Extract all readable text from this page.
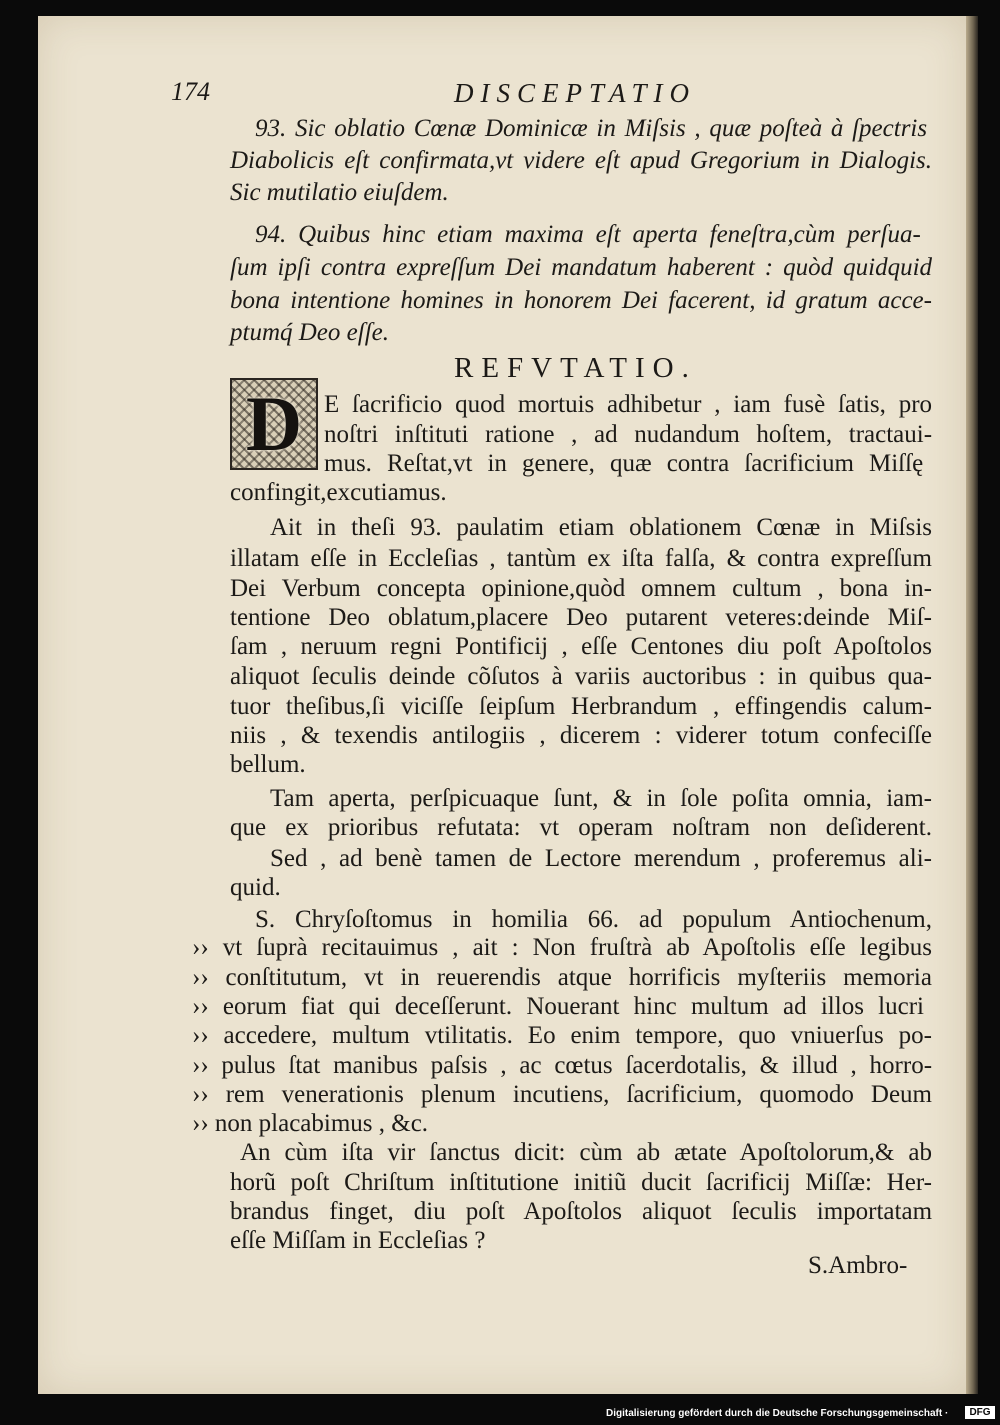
174	DISCEPTATIO
93. Sic oblatio Cœnæ Dominicæ in Miſsis , quæ poſteà à ſpectris
Diabolicis eſt confirmata,vt videre eſt apud Gregorium in Dialogis.
Sic mutilatio eiuſdem.
94. Quibus hinc etiam maxima eſt aperta feneſtra,cùm perſua-
ſum ipſi contra expreſſum Dei mandatum haberent : quòd quidquid
bona intentione homines in honorem Dei facerent, id gratum acce-
ptumq́ Deo eſſe.
REFVTATIO.
D E ſacrificio quod mortuis adhibetur , iam fusè ſatis, pro
noſtri inſtituti ratione , ad nudandum hoſtem, tractaui-
mus. Reſtat,vt in genere, quæ contra ſacrificium Miſſę
confingit,excutiamus.
Ait in theſi 93. paulatim etiam oblationem Cœnæ in Miſsis
illatam eſſe in Eccleſias , tantùm ex iſta falſa, & contra expreſſum
Dei Verbum concepta opinione,quòd omnem cultum , bona in-
tentione Deo oblatum,placere Deo putarent veteres:deinde Miſ-
ſam , neruum regni Pontificij , eſſe Centones diu poſt Apoſtolos
aliquot ſeculis deinde cõſutos à variis auctoribus : in quibus qua-
tuor theſibus,ſi viciſſe ſeipſum Herbrandum , effingendis calum-
niis , & texendis antilogiis , dicerem : viderer totum confeciſſe
bellum.
Tam aperta, perſpicuaque ſunt, & in ſole poſita omnia, iam-
que ex prioribus refutata: vt operam noſtram non deſiderent.
Sed , ad benè tamen de Lectore merendum , proferemus ali-
quid.
S. Chryſoſtomus in homilia 66. ad populum Antiochenum,
›› vt ſuprà recitauimus , ait : Non fruſtrà ab Apoſtolis eſſe legibus
›› conſtitutum, vt in reuerendis atque horrificis myſteriis memoria
›› eorum fiat qui deceſſerunt. Nouerant hinc multum ad illos lucri
›› accedere, multum vtilitatis. Eo enim tempore, quo vniuerſus po-
›› pulus ſtat manibus paſsis , ac cœtus ſacerdotalis, & illud , horro-
›› rem venerationis plenum incutiens, ſacrificium, quomodo Deum
›› non placabimus , &c.
An cùm iſta vir ſanctus dicit: cùm ab ætate Apoſtolorum,& ab
horũ poſt Chriſtum inſtitutione initiũ ducit ſacrificij Miſſæ: Her-
brandus finget, diu poſt Apoſtolos aliquot ſeculis importatam
eſſe Miſſam in Eccleſias ?
S.Ambro-
Digitalisierung gefördert durch die Deutsche Forschungsgemeinschaft ·	DFG
